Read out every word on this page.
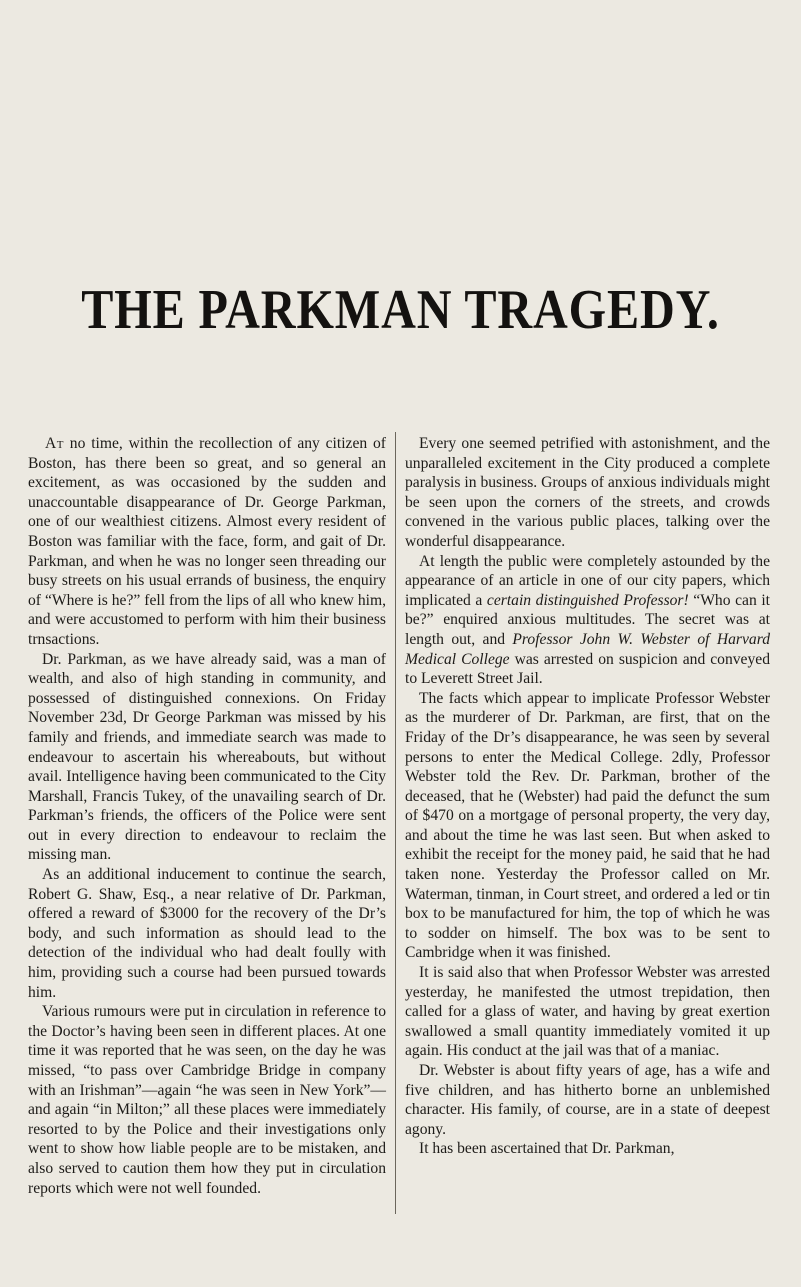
THE PARKMAN TRAGEDY.

At no time, within the recollection of any citizen of Boston, has there been so great, and so general an excitement, as was occasioned by the sudden and unaccountable disappearance of Dr. George Parkman, one of our wealthiest citizens. Almost every resident of Boston was familiar with the face, form, and gait of Dr. Parkman, and when he was no longer seen threading our busy streets on his usual errands of business, the enquiry of “Where is he?” fell from the lips of all who knew him, and were accustomed to perform with him their business trnsactions.

Dr. Parkman, as we have already said, was a man of wealth, and also of high standing in community, and possessed of distinguished connexions. On Friday November 23d, Dr George Parkman was missed by his family and friends, and immediate search was made to endeavour to ascertain his whereabouts, but without avail. Intelligence having been communicated to the City Marshall, Francis Tukey, of the unavailing search of Dr. Parkman’s friends, the officers of the Police were sent out in every direction to endeavour to reclaim the missing man.

As an additional inducement to continue the search, Robert G. Shaw, Esq., a near relative of Dr. Parkman, offered a reward of $3000 for the recovery of the Dr’s body, and such information as should lead to the detection of the individual who had dealt foully with him, providing such a course had been pursued towards him.

Various rumours were put in circulation in reference to the Doctor’s having been seen in different places. At one time it was reported that he was seen, on the day he was missed, “to pass over Cambridge Bridge in company with an Irishman”—again “he was seen in New York”—and again “in Milton;” all these places were immediately resorted to by the Police and their investigations only went to show how liable people are to be mistaken, and also served to caution them how they put in circulation reports which were not well founded.

Every one seemed petrified with astonishment, and the unparalleled excitement in the City produced a complete paralysis in business. Groups of anxious individuals might be seen upon the corners of the streets, and crowds convened in the various public places, talking over the wonderful disappearance.

At length the public were completely astounded by the appearance of an article in one of our city papers, which implicated a certain distinguished Professor! “Who can it be?” enquired anxious multitudes. The secret was at length out, and Professor John W. Webster of Harvard Medical College was arrested on suspicion and conveyed to Leverett Street Jail.

The facts which appear to implicate Professor Webster as the murderer of Dr. Parkman, are first, that on the Friday of the Dr’s disappearance, he was seen by several persons to enter the Medical College. 2dly, Professor Webster told the Rev. Dr. Parkman, brother of the deceased, that he (Webster) had paid the defunct the sum of $470 on a mortgage of personal property, the very day, and about the time he was last seen. But when asked to exhibit the receipt for the money paid, he said that he had taken none. Yesterday the Professor called on Mr. Waterman, tinman, in Court street, and ordered a led or tin box to be manufactured for him, the top of which he was to sodder on himself. The box was to be sent to Cambridge when it was finished.

It is said also that when Professor Webster was arrested yesterday, he manifested the utmost trepidation, then called for a glass of water, and having by great exertion swallowed a small quantity immediately vomited it up again. His conduct at the jail was that of a maniac.

Dr. Webster is about fifty years of age, has a wife and five children, and has hitherto borne an unblemished character. His family, of course, are in a state of deepest agony.

It has been ascertained that Dr. Parkman,
